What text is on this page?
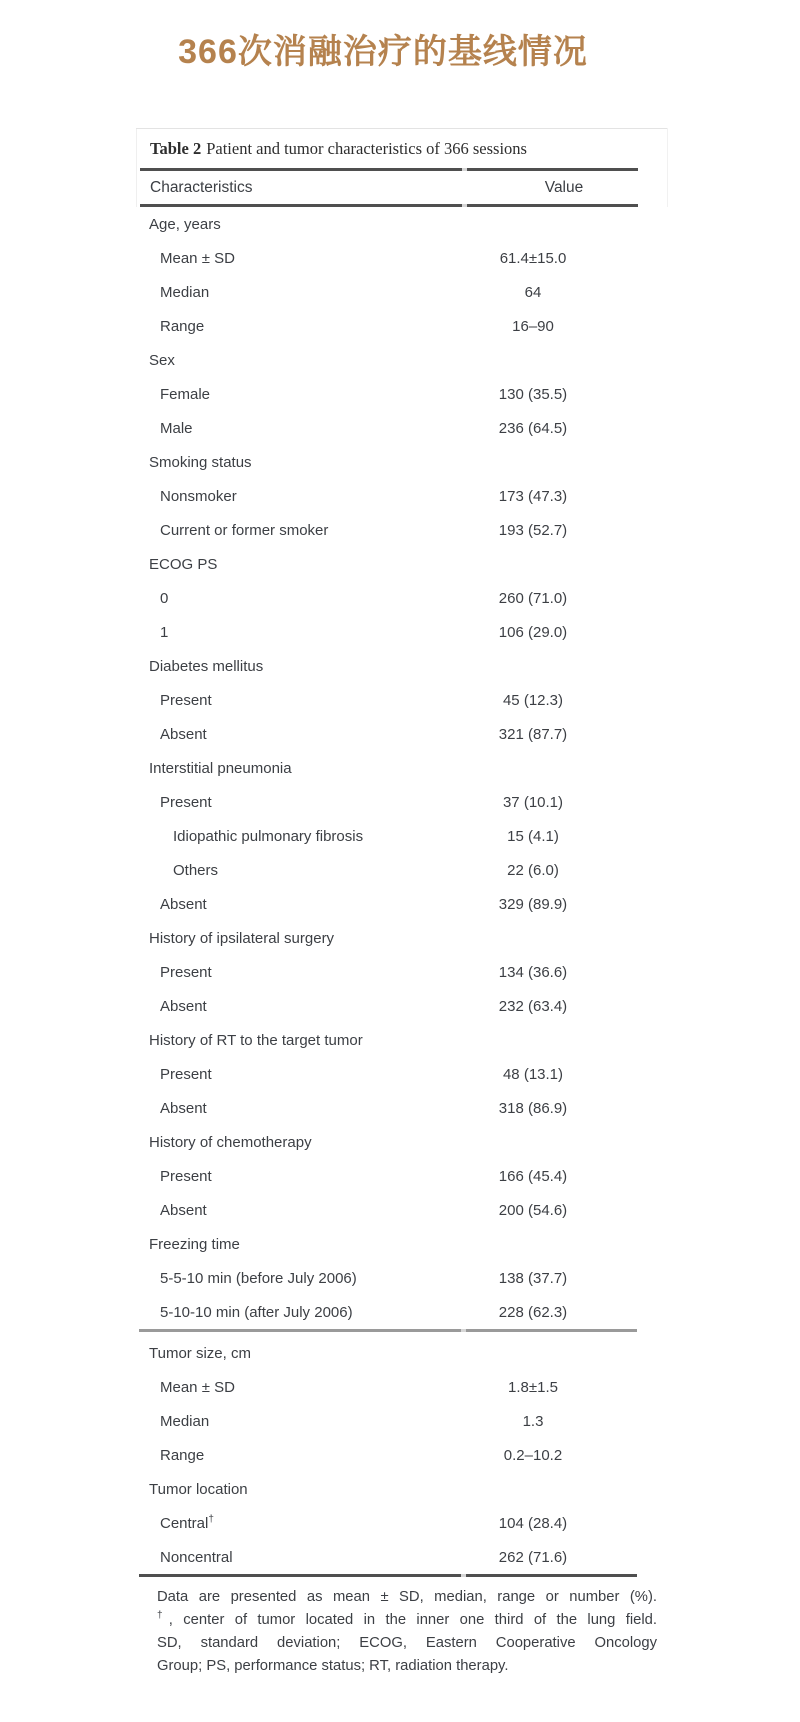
366次消融治疗的基线情况
Table 2 Patient and tumor characteristics of 366 sessions
Characteristics	Value
Age, years
Mean ± SD	61.4±15.0
Median	64
Range	16–90
Sex
Female	130 (35.5)
Male	236 (64.5)
Smoking status
Nonsmoker	173 (47.3)
Current or former smoker	193 (52.7)
ECOG PS
0	260 (71.0)
1	106 (29.0)
Diabetes mellitus
Present	45 (12.3)
Absent	321 (87.7)
Interstitial pneumonia
Present	37 (10.1)
Idiopathic pulmonary fibrosis	15 (4.1)
Others	22 (6.0)
Absent	329 (89.9)
History of ipsilateral surgery
Present	134 (36.6)
Absent	232 (63.4)
History of RT to the target tumor
Present	48 (13.1)
Absent	318 (86.9)
History of chemotherapy
Present	166 (45.4)
Absent	200 (54.6)
Freezing time
5-5-10 min (before July 2006)	138 (37.7)
5-10-10 min (after July 2006)	228 (62.3)
Tumor size, cm
Mean ± SD	1.8±1.5
Median	1.3
Range	0.2–10.2
Tumor location
Central†	104 (28.4)
Noncentral	262 (71.6)
Data are presented as mean ± SD, median, range or number (%).
†, center of tumor located in the inner one third of the lung field.
SD, standard deviation; ECOG, Eastern Cooperative Oncology
Group; PS, performance status; RT, radiation therapy.
